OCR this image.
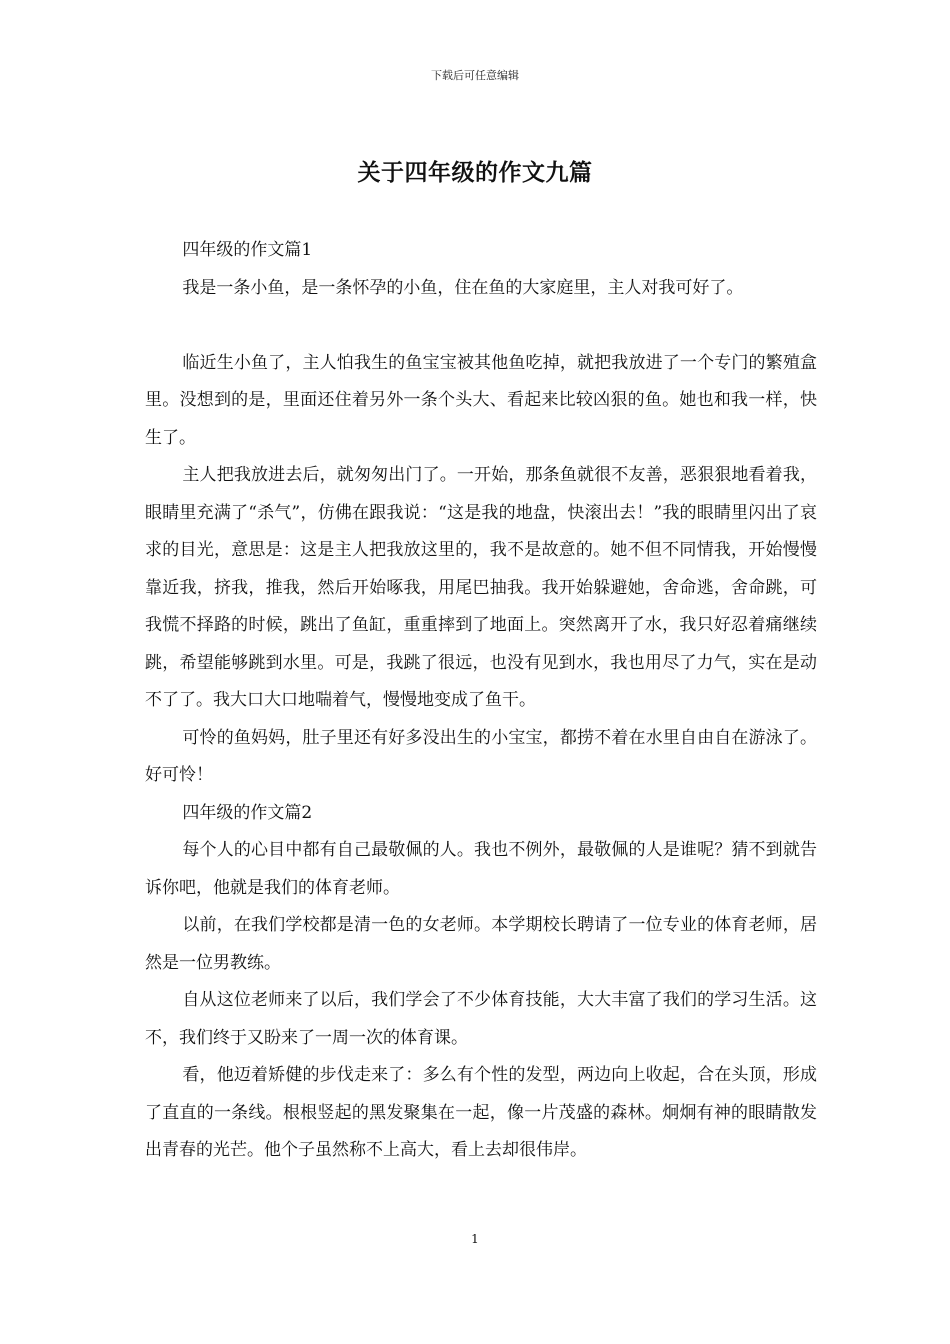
下载后可任意编辑
关于四年级的作文九篇

四年级的作文篇1

我是一条小鱼，是一条怀孕的小鱼，住在鱼的大家庭里，主人对我可好了。

临近生小鱼了，主人怕我生的鱼宝宝被其他鱼吃掉，就把我放进了一个专门的繁殖盒里。没想到的是，里面还住着另外一条个头大、看起来比较凶狠的鱼。她也和我一样，快生了。

主人把我放进去后，就匆匆出门了。一开始，那条鱼就很不友善，恶狠狠地看着我，眼睛里充满了“杀气”，仿佛在跟我说：“这是我的地盘，快滚出去！”我的眼睛里闪出了哀求的目光，意思是：这是主人把我放这里的，我不是故意的。她不但不同情我，开始慢慢靠近我，挤我，推我，然后开始啄我，用尾巴抽我。我开始躲避她，舍命逃，舍命跳，可我慌不择路的时候，跳出了鱼缸，重重摔到了地面上。突然离开了水，我只好忍着痛继续跳，希望能够跳到水里。可是，我跳了很远，也没有见到水，我也用尽了力气，实在是动不了了。我大口大口地喘着气，慢慢地变成了鱼干。

可怜的鱼妈妈，肚子里还有好多没出生的小宝宝，都捞不着在水里自由自在游泳了。好可怜！

四年级的作文篇2

每个人的心目中都有自己最敬佩的人。我也不例外，最敬佩的人是谁呢？猜不到就告诉你吧，他就是我们的体育老师。

以前，在我们学校都是清一色的女老师。本学期校长聘请了一位专业的体育老师，居然是一位男教练。

自从这位老师来了以后，我们学会了不少体育技能，大大丰富了我们的学习生活。这不，我们终于又盼来了一周一次的体育课。

看，他迈着矫健的步伐走来了：多么有个性的发型，两边向上收起，合在头顶，形成了直直的一条线。根根竖起的黑发聚集在一起，像一片茂盛的森林。炯炯有神的眼睛散发出青春的光芒。他个子虽然称不上高大，看上去却很伟岸。

1
